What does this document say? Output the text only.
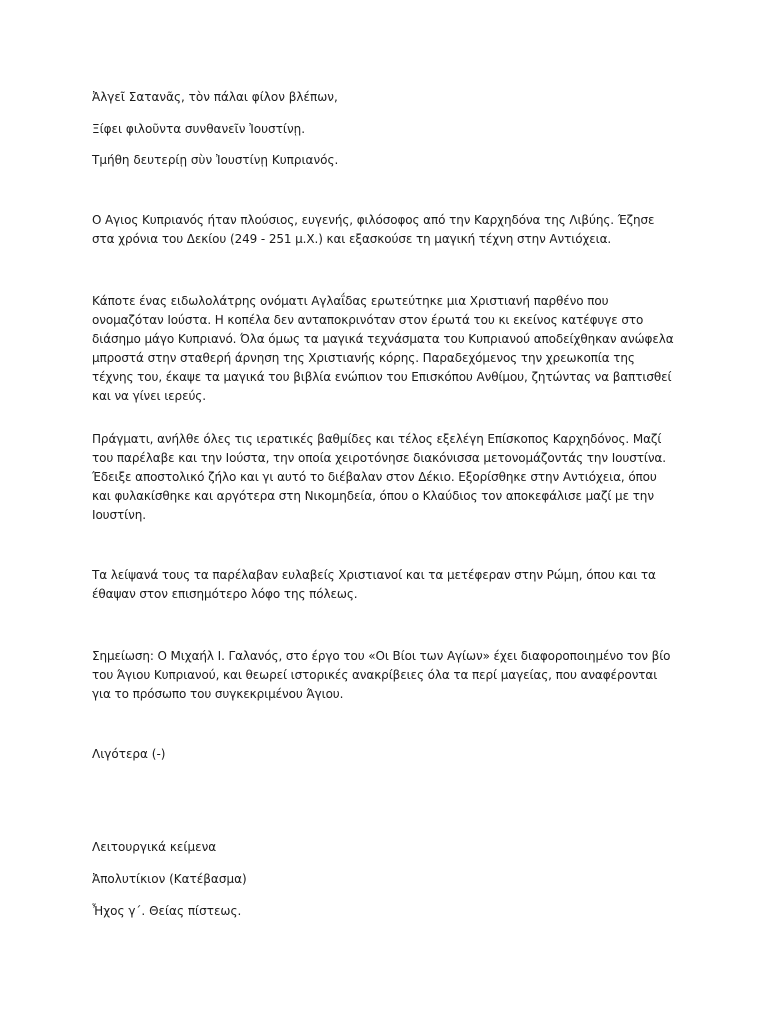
Ἀλγεῖ Σατανᾶς, τὸν πάλαι φίλον βλέπων,

Ξίφει φιλοῦντα συνθανεῖν Ἰουστίνῃ.

Τμήθη δευτερίῃ σὺν Ἰουστίνῃ Κυπριανός.

Ο Αγιος Κυπριανός ήταν πλούσιος, ευγενής, φιλόσοφος από την Καρχηδόνα της Λιβύης. Έζησε στα χρόνια του Δεκίου (249 - 251 μ.Χ.) και εξασκούσε τη μαγική τέχνη στην Αντιόχεια.

Κάποτε ένας ειδωλολάτρης ονόματι Αγλαΐδας ερωτεύτηκε μια Χριστιανή παρθένο που ονομαζόταν Ιούστα. Η κοπέλα δεν ανταποκρινόταν στον έρωτά του κι εκείνος κατέφυγε στο διάσημο μάγο Κυπριανό. Όλα όμως τα μαγικά τεχνάσματα του Κυπριανού αποδείχθηκαν ανώφελα μπροστά στην σταθερή άρνηση της Χριστιανής κόρης. Παραδεχόμενος την χρεωκοπία της τέχνης του, έκαψε τα μαγικά του βιβλία ενώπιον του Επισκόπου Ανθίμου, ζητώντας να βαπτισθεί και να γίνει ιερεύς.

Πράγματι, ανήλθε όλες τις ιερατικές βαθμίδες και τέλος εξελέγη Επίσκοπος Καρχηδόνος. Μαζί του παρέλαβε και την Ιούστα, την οποία χειροτόνησε διακόνισσα μετονομάζοντάς την Ιουστίνα. Έδειξε αποστολικό ζήλο και γι αυτό το διέβαλαν στον Δέκιο. Εξορίσθηκε στην Αντιόχεια, όπου και φυλακίσθηκε και αργότερα στη Νικομηδεία, όπου ο Κλαύδιος τον αποκεφάλισε μαζί με την Ιουστίνη.

Τα λείψανά τους τα παρέλαβαν ευλαβείς Χριστιανοί και τα μετέφεραν στην Ρώμη, όπου και τα έθαψαν στον επισημότερο λόφο της πόλεως.

Σημείωση: Ο Μιχαήλ Ι. Γαλανός, στο έργο του «Οι Βίοι των Αγίων» έχει διαφοροποιημένο τον βίο του Άγιου Κυπριανού, και θεωρεί ιστορικές ανακρίβειες όλα τα περί μαγείας, που αναφέρονται για το πρόσωπο του συγκεκριμένου Άγιου.

Λιγότερα (-)

Λειτουργικά κείμενα

Ἀπολυτίκιον (Κατέβασμα)

Ἦχος γ΄. Θείας πίστεως.
